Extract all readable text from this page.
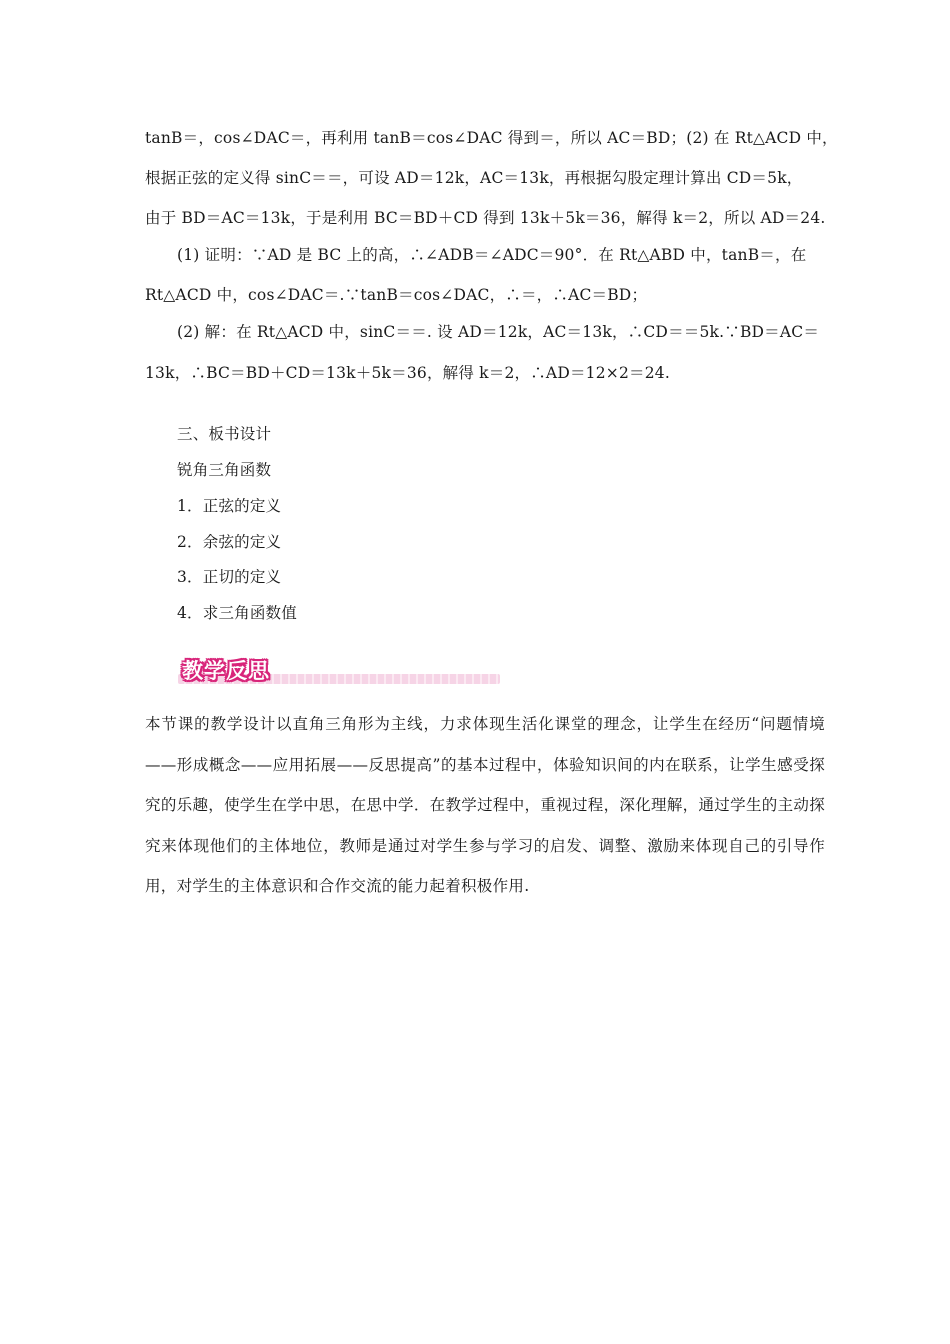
tanB＝，cos∠DAC＝，再利用 tanB＝cos∠DAC 得到＝，所以 AC＝BD；(2) 在 Rt△ACD 中，
根据正弦的定义得 sinC＝＝，可设 AD＝12k，AC＝13k，再根据勾股定理计算出 CD＝5k，
由于 BD＝AC＝13k，于是利用 BC＝BD＋CD 得到 13k＋5k＝36，解得 k＝2，所以 AD＝24.
(1) 证明：∵AD 是 BC 上的高，∴∠ADB＝∠ADC＝90°．在 Rt△ABD 中，tanB＝，在
Rt△ACD 中，cos∠DAC＝.∵tanB＝cos∠DAC，∴＝，∴AC＝BD；
(2) 解：在 Rt△ACD 中，sinC＝＝. 设 AD＝12k，AC＝13k，∴CD＝＝5k.∵BD＝AC＝
13k，∴BC＝BD＋CD＝13k＋5k＝36，解得 k＝2，∴AD＝12×2＝24.
三、板书设计
锐角三角函数
1．正弦的定义
2．余弦的定义
3．正切的定义
4．求三角函数值
本节课的教学设计以直角三角形为主线，力求体现生活化课堂的理念，让学生在经历“问题情境——形成概念——应用拓展——反思提高”的基本过程中，体验知识间的内在联系，让学生感受探究的乐趣，使学生在学中思，在思中学．在教学过程中，重视过程，深化理解，通过学生的主动探究来体现他们的主体地位，教师是通过对学生参与学习的启发、调整、激励来体现自己的引导作用，对学生的主体意识和合作交流的能力起着积极作用.
教学反思
